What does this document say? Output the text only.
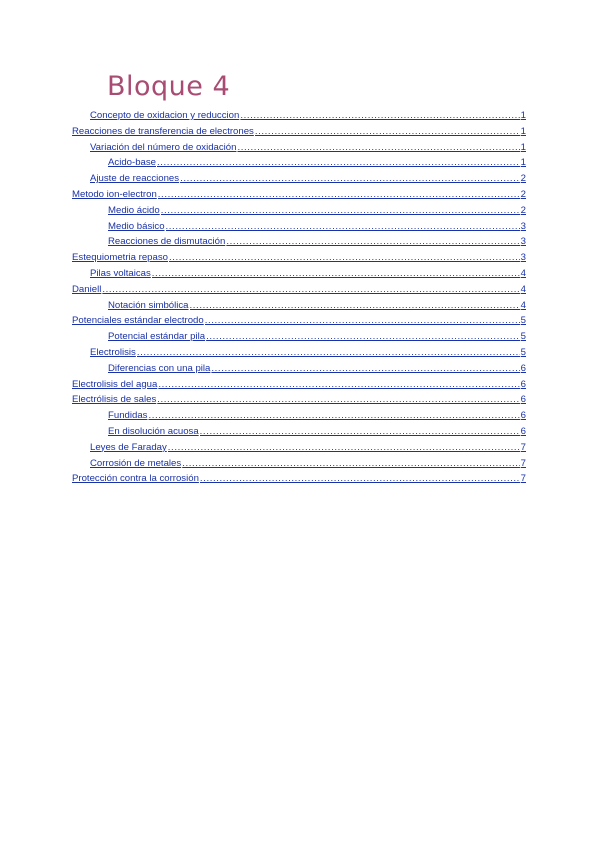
Bloque 4
Concepto de oxidacion y reduccion .....	1
Reacciones de transferencia de electrones .....	1
Variación del número de oxidación .....	1
Acido-base .....	1
Ajuste de reacciones .....	2
Metodo ion-electron .....	2
Medio ácido .....	2
Medio básico .....	3
Reacciones de dismutación .....	3
Estequiometria repaso .....	3
Pilas voltaicas .....	4
Daniell .....	4
Notación simbólica .....	4
Potenciales estándar electrodo .....	5
Potencial estándar pila .....	5
Electrolisis .....	5
Diferencias con una pila .....	6
Electrolisis del agua .....	6
Electrólisis de sales .....	6
Fundidas .....	6
En disolución acuosa .....	6
Leyes de Faraday .....	7
Corrosión de metales .....	7
Protección contra la corrosión .....	7
